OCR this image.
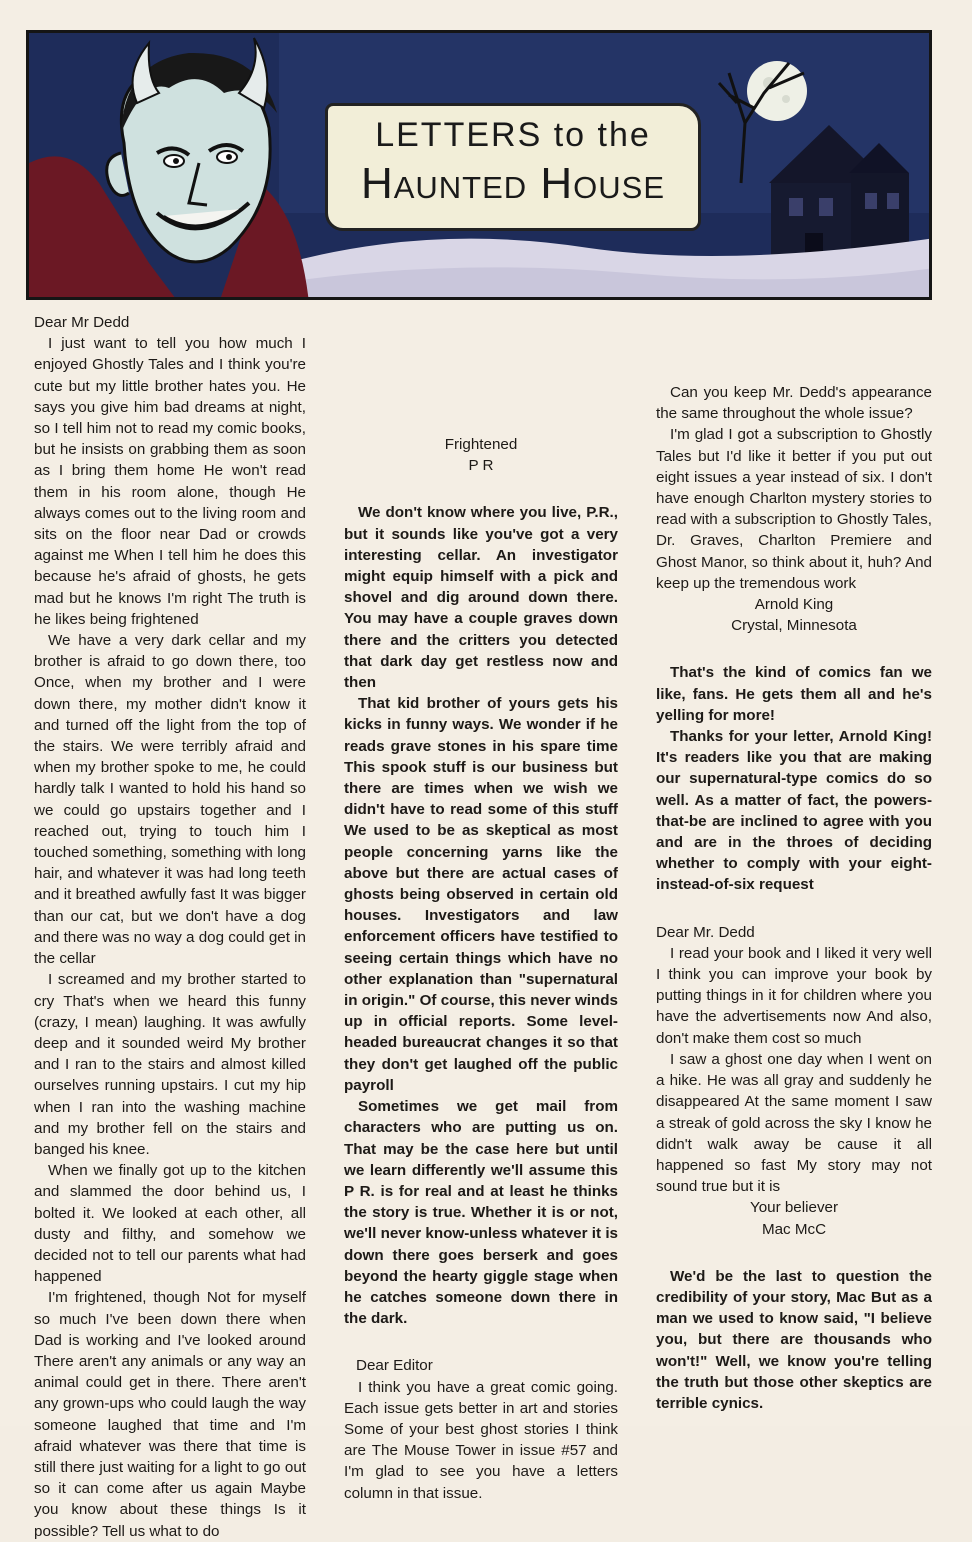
LETTERS to the
Haunted House

Dear Mr Dedd

I just want to tell you how much I enjoyed Ghostly Tales and I think you're cute but my little brother hates you. He says you give him bad dreams at night, so I tell him not to read my comic books, but he insists on grabbing them as soon as I bring them home He won't read them in his room alone, though He always comes out to the living room and sits on the floor near Dad or crowds against me When I tell him he does this because he's afraid of ghosts, he gets mad but he knows I'm right The truth is he likes being frightened

We have a very dark cellar and my brother is afraid to go down there, too Once, when my brother and I were down there, my mother didn't know it and turned off the light from the top of the stairs. We were terribly afraid and when my brother spoke to me, he could hardly talk I wanted to hold his hand so we could go upstairs together and I reached out, trying to touch him I touched something, something with long hair, and whatever it was had long teeth and it breathed awfully fast It was bigger than our cat, but we don't have a dog and there was no way a dog could get in the cellar

I screamed and my brother started to cry That's when we heard this funny (crazy, I mean) laughing. It was awfully deep and it sounded weird My brother and I ran to the stairs and almost killed ourselves running upstairs. I cut my hip when I ran into the washing machine and my brother fell on the stairs and banged his knee.

When we finally got up to the kitchen and slammed the door behind us, I bolted it. We looked at each other, all dusty and filthy, and somehow we decided not to tell our parents what had happened

I'm frightened, though Not for myself so much I've been down there when Dad is working and I've looked around There aren't any animals or any way an animal could get in there. There aren't any grown-ups who could laugh the way someone laughed that time and I'm afraid whatever was there that time is still there just waiting for a light to go out so it can come after us again Maybe you know about these things Is it possible? Tell us what to do

Frightened

P R

We don't know where you live, P.R., but it sounds like you've got a very interesting cellar. An investigator might equip himself with a pick and shovel and dig around down there. You may have a couple graves down there and the critters you detected that dark day get restless now and then

That kid brother of yours gets his kicks in funny ways. We wonder if he reads grave stones in his spare time This spook stuff is our business but there are times when we wish we didn't have to read some of this stuff We used to be as skeptical as most people concerning yarns like the above but there are actual cases of ghosts being observed in certain old houses. Investigators and law enforcement officers have testified to seeing certain things which have no other explanation than "supernatural in origin." Of course, this never winds up in official reports. Some level-headed bureaucrat changes it so that they don't get laughed off the public payroll

Sometimes we get mail from characters who are putting us on. That may be the case here but until we learn differently we'll assume this P R. is for real and at least he thinks the story is true. Whether it is or not, we'll never know-unless whatever it is down there goes berserk and goes beyond the hearty giggle stage when he catches someone down there in the dark.

Dear Editor

I think you have a great comic going. Each issue gets better in art and stories Some of your best ghost stories I think are The Mouse Tower in issue #57 and I'm glad to see you have a letters column in that issue.

Can you keep Mr. Dedd's appearance the same throughout the whole issue?

I'm glad I got a subscription to Ghostly Tales but I'd like it better if you put out eight issues a year instead of six. I don't have enough Charlton mystery stories to read with a subscription to Ghostly Tales, Dr. Graves, Charlton Premiere and Ghost Manor, so think about it, huh? And keep up the tremendous work

Arnold King

Crystal, Minnesota

That's the kind of comics fan we like, fans. He gets them all and he's yelling for more!

Thanks for your letter, Arnold King! It's readers like you that are making our supernatural-type comics do so well. As a matter of fact, the powers-that-be are inclined to agree with you and are in the throes of deciding whether to comply with your eight-instead-of-six request

Dear Mr. Dedd

I read your book and I liked it very well I think you can improve your book by putting things in it for children where you have the advertisements now And also, don't make them cost so much

I saw a ghost one day when I went on a hike. He was all gray and suddenly he disappeared At the same moment I saw a streak of gold across the sky I know he didn't walk away be cause it all happened so fast My story may not sound true but it is

Your believer

Mac McC

We'd be the last to question the credibility of your story, Mac But as a man we used to know said, "I believe you, but there are thousands who won't!" Well, we know you're telling the truth but those other skeptics are terrible cynics.
